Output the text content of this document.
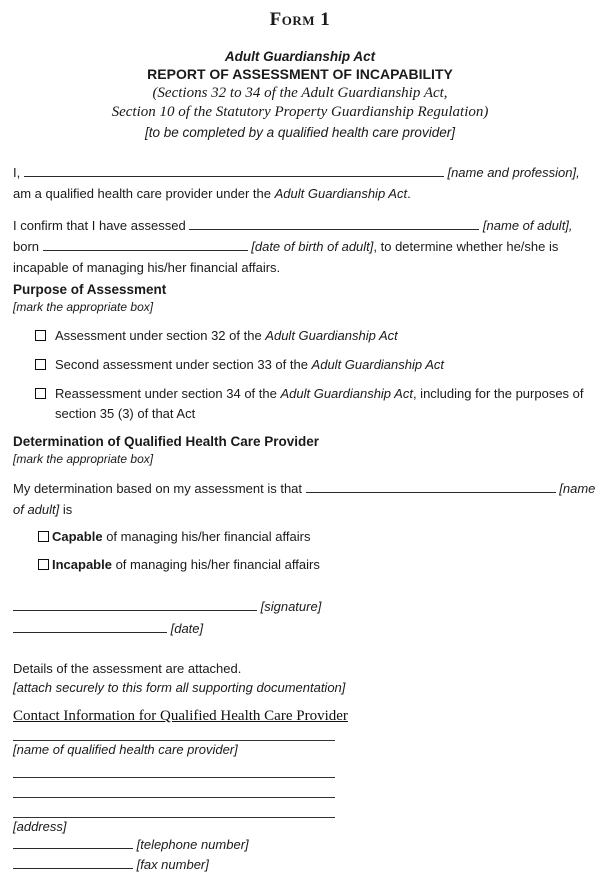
Form 1
Adult Guardianship Act
REPORT OF ASSESSMENT OF INCAPABILITY
(Sections 32 to 34 of the Adult Guardianship Act,
Section 10 of the Statutory Property Guardianship Regulation)
[to be completed by a qualified health care provider]
I,	[name and profession],
am a qualified health care provider under the Adult Guardianship Act.
I confirm that I have assessed	[name of adult],
born	[date of birth of adult], to determine whether he/she is
incapable of managing his/her financial affairs.
Purpose of Assessment
[mark the appropriate box]
Assessment under section 32 of the Adult Guardianship Act
Second assessment under section 33 of the Adult Guardianship Act
Reassessment under section 34 of the Adult Guardianship Act, including for the purposes of
section 35 (3) of that Act
Determination of Qualified Health Care Provider
[mark the appropriate box]
My determination based on my assessment is that	[name
of adult] is
Capable of managing his/her financial affairs
Incapable of managing his/her financial affairs
[signature]
[date]
Details of the assessment are attached.
[attach securely to this form all supporting documentation]
Contact Information for Qualified Health Care Provider
[name of qualified health care provider]
[address]
[telephone number]
[fax number]
